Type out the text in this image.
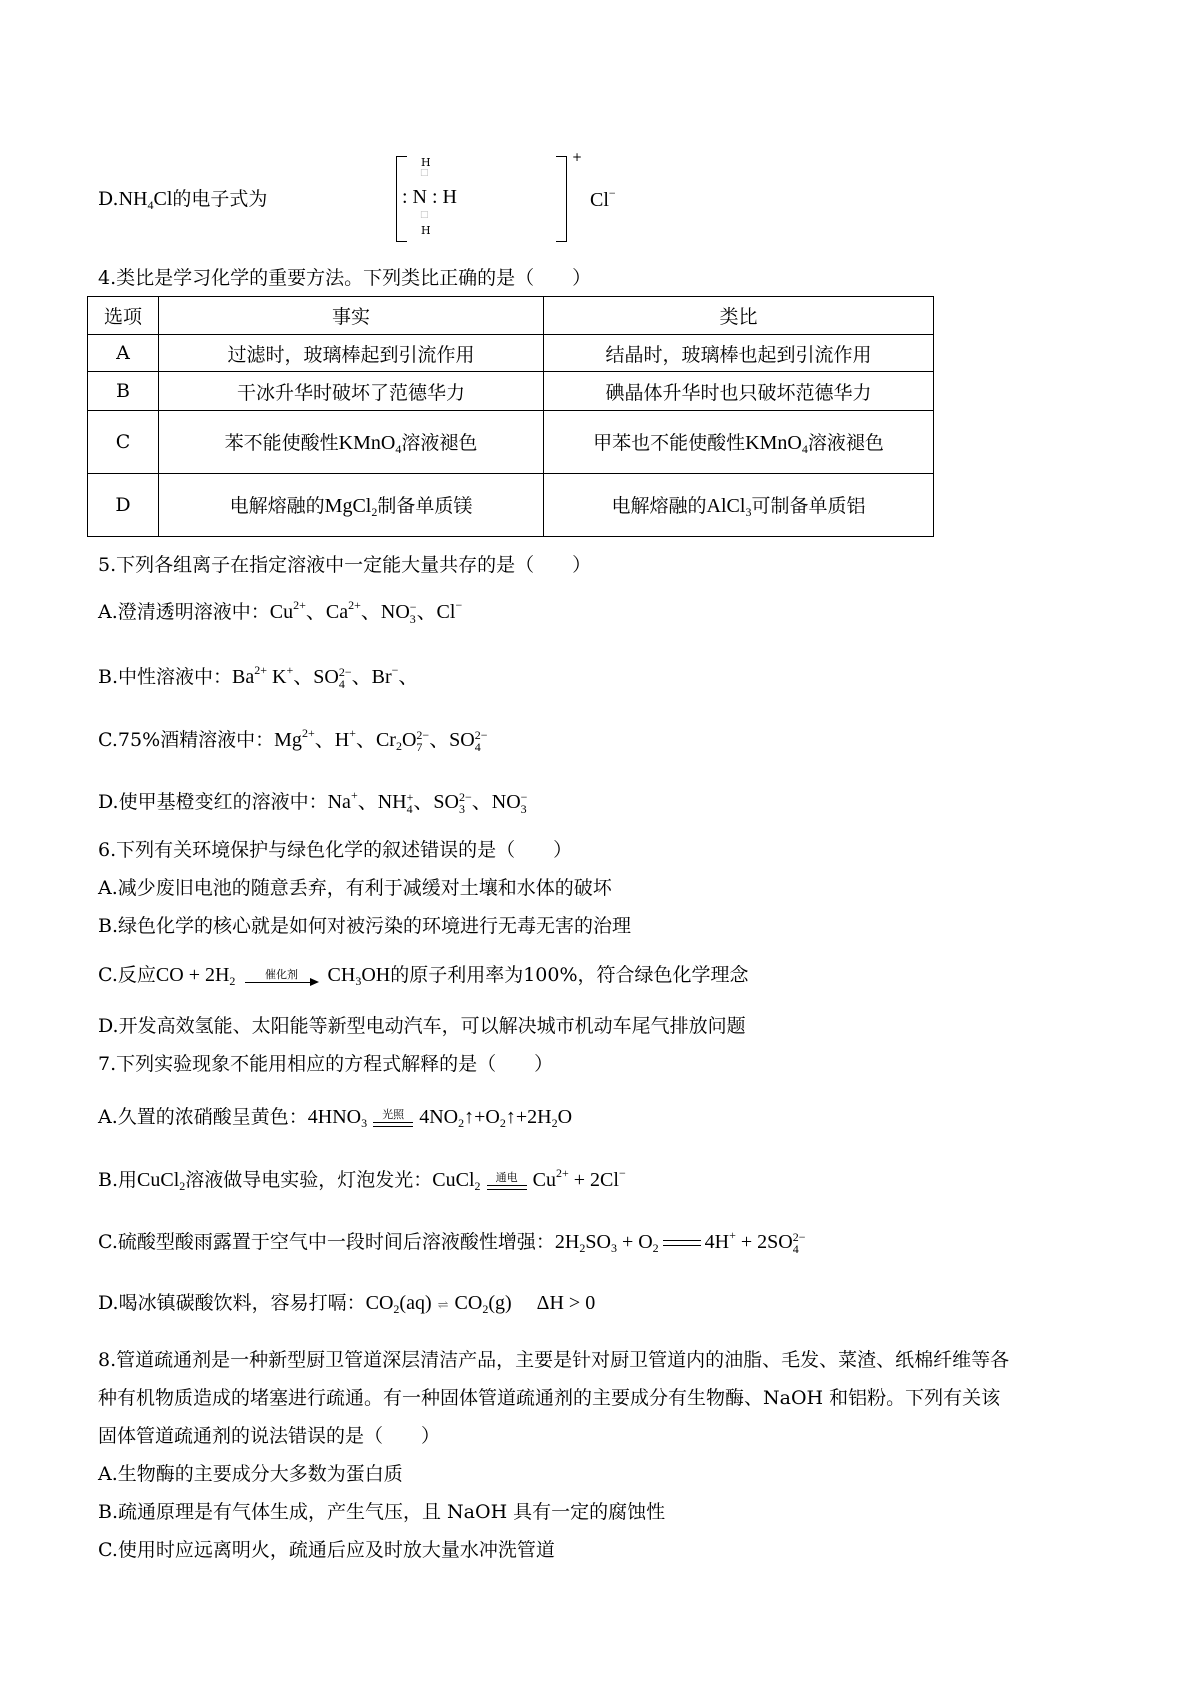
$D.NH_4Cl$的电子式为
+
H
□
: N : H
□
H
Cl−
4.类比是学习化学的重要方法。下列类比正确的是（　　）
选项	事实	类比
A	过滤时，玻璃棒起到引流作用	结晶时，玻璃棒也起到引流作用
B	干冰升华时破坏了范德华力	碘晶体升华时也只破坏范德华力
C	苯不能使酸性KMnO$_4$溶液褪色	甲苯也不能使酸性KMnO$_4$溶液褪色
D	电解熔融的MgCl$_2$制备单质镁	电解熔融的AlCl$_3$可制备单质铝
5.下列各组离子在指定溶液中一定能大量共存的是（　　）
A.澄清透明溶液中：$Cu^{2+}$、$Ca^{2+}$、NO −
3 、Cl−
B.中性溶液中：$Ba^{2+}$ K+、SO 2−
4 、Br−、
C.75%酒精溶液中：$Mg^{2+}$、H+、$Cr_2O$ 2−
7 、SO 2−
4
D.使甲基橙变红的溶液中：Na+、NH +
4 、SO 2−
3 、NO −
3
6.下列有关环境保护与绿色化学的叙述错误的是（　　）
A.减少废旧电池的随意丢弃，有利于减缓对土壤和水体的破坏
B.绿色化学的核心就是如何对被污染的环境进行无毒无害的治理
C.反应CO + $2H_2$	催化剂	$CH_3OH$的原子利用率为100%，符合绿色化学理念
D.开发高效氢能、太阳能等新型电动汽车，可以解决城市机动车尾气排放问题
7.下列实验现象不能用相应的方程式解释的是（　　）
A.久置的浓硝酸呈黄色：$4HNO_3$
光照 $4NO_2↑+O_2↑+2H_2O$
B.用CuCl$_2$溶液做导电实验，灯泡发光：CuCl$_2$
通电 $Cu^{2+} + 2Cl^-$
C.硫酸型酸雨露置于空气中一段时间后溶液酸性增强：$2H_2SO_3 + O_2$ 4H+ + 2SO 2−
4
D.喝冰镇碳酸饮料，容易打嗝：$CO_2(aq)$ ⇌ $CO_2(g)$　 ΔH > 0
8.管道疏通剂是一种新型厨卫管道深层清洁产品，主要是针对厨卫管道内的油脂、毛发、菜渣、纸棉纤维等各
种有机物质造成的堵塞进行疏通。有一种固体管道疏通剂的主要成分有生物酶、NaOH 和铝粉。下列有关该
固体管道疏通剂的说法错误的是（　　）
A.生物酶的主要成分大多数为蛋白质
B.疏通原理是有气体生成，产生气压，且 NaOH 具有一定的腐蚀性
C.使用时应远离明火，疏通后应及时放大量水冲洗管道
